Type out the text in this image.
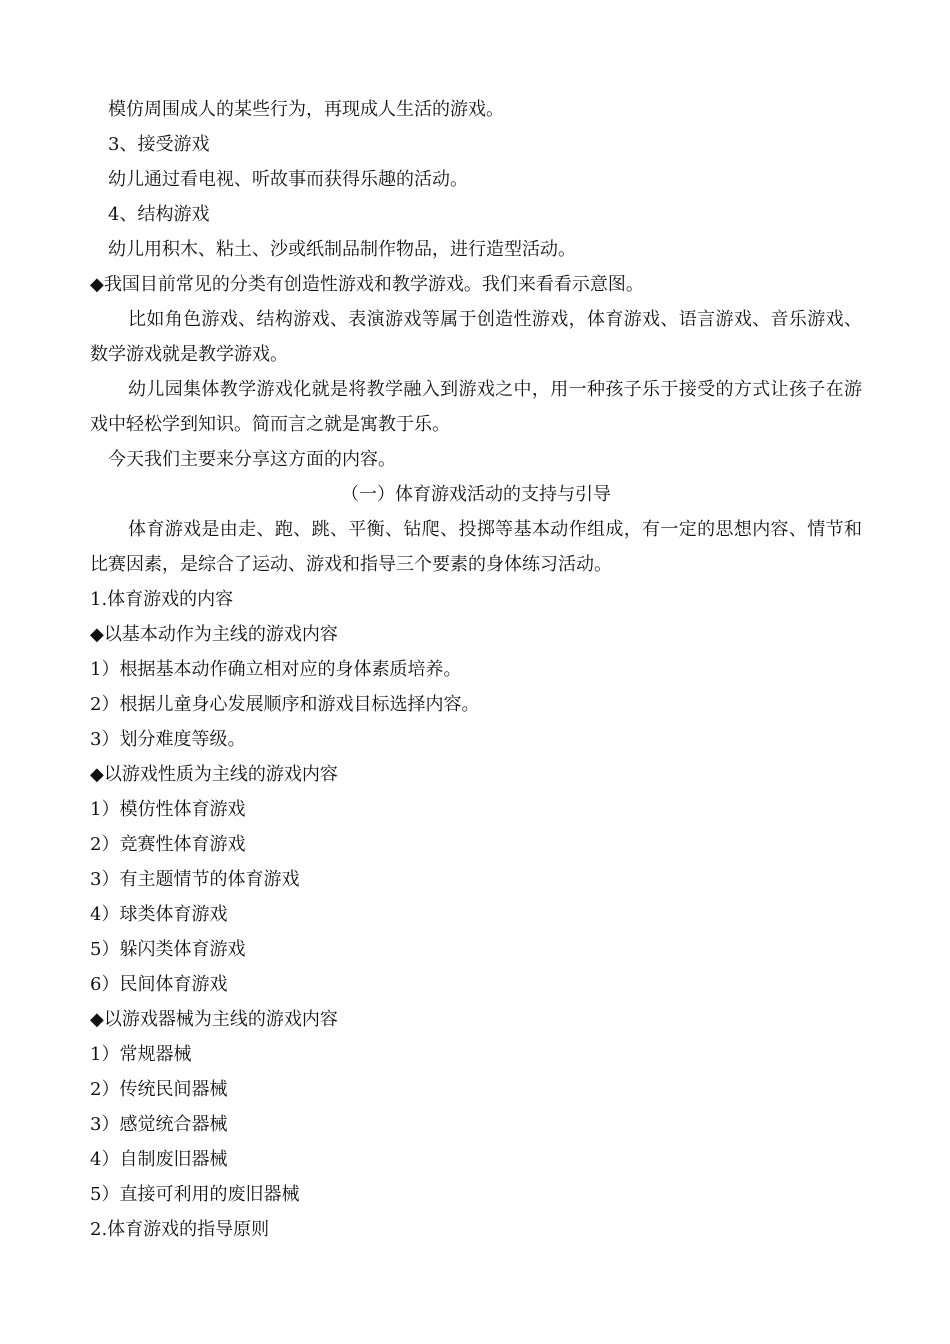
模仿周围成人的某些行为，再现成人生活的游戏。

3、接受游戏

幼儿通过看电视、听故事而获得乐趣的活动。

4、结构游戏

幼儿用积木、粘土、沙或纸制品制作物品，进行造型活动。

◆我国目前常见的分类有创造性游戏和教学游戏。我们来看看示意图。

比如角色游戏、结构游戏、表演游戏等属于创造性游戏，体育游戏、语言游戏、音乐游戏、数学游戏就是教学游戏。

幼儿园集体教学游戏化就是将教学融入到游戏之中，用一种孩子乐于接受的方式让孩子在游戏中轻松学到知识。简而言之就是寓教于乐。

今天我们主要来分享这方面的内容。

（一）体育游戏活动的支持与引导

体育游戏是由走、跑、跳、平衡、钻爬、投掷等基本动作组成，有一定的思想内容、情节和比赛因素，是综合了运动、游戏和指导三个要素的身体练习活动。

1.体育游戏的内容

◆以基本动作为主线的游戏内容

1）根据基本动作确立相对应的身体素质培养。

2）根据儿童身心发展顺序和游戏目标选择内容。

3）划分难度等级。

◆以游戏性质为主线的游戏内容

1）模仿性体育游戏

2）竞赛性体育游戏

3）有主题情节的体育游戏

4）球类体育游戏

5）躲闪类体育游戏

6）民间体育游戏

◆以游戏器械为主线的游戏内容

1）常规器械

2）传统民间器械

3）感觉统合器械

4）自制废旧器械

5）直接可利用的废旧器械

2.体育游戏的指导原则
